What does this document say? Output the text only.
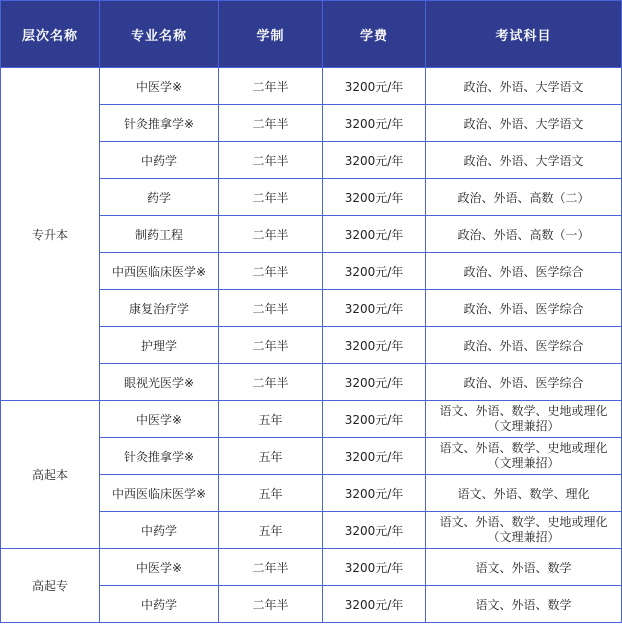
层次名称	专业名称	学制	学费	考试科目
专升本	中医学※	二年半	3200元/年	政治、外语、大学语文
	针灸推拿学※	二年半	3200元/年	政治、外语、大学语文
	中药学	二年半	3200元/年	政治、外语、大学语文
	药学	二年半	3200元/年	政治、外语、高数（二）
	制药工程	二年半	3200元/年	政治、外语、高数（一）
	中西医临床医学※	二年半	3200元/年	政治、外语、医学综合
	康复治疗学	二年半	3200元/年	政治、外语、医学综合
	护理学	二年半	3200元/年	政治、外语、医学综合
	眼视光医学※	二年半	3200元/年	政治、外语、医学综合
高起本	中医学※	五年	3200元/年	语文、外语、数学、史地或理化
（文理兼招）

	针灸推拿学※	五年	3200元/年	语文、外语、数学、史地或理化
（文理兼招）

	中西医临床医学※	五年	3200元/年	语文、外语、数学、理化
	中药学	五年	3200元/年	语文、外语、数学、史地或理化
（文理兼招）

高起专	中医学※	二年半	3200元/年	语文、外语、数学
	中药学	二年半	3200元/年	语文、外语、数学
